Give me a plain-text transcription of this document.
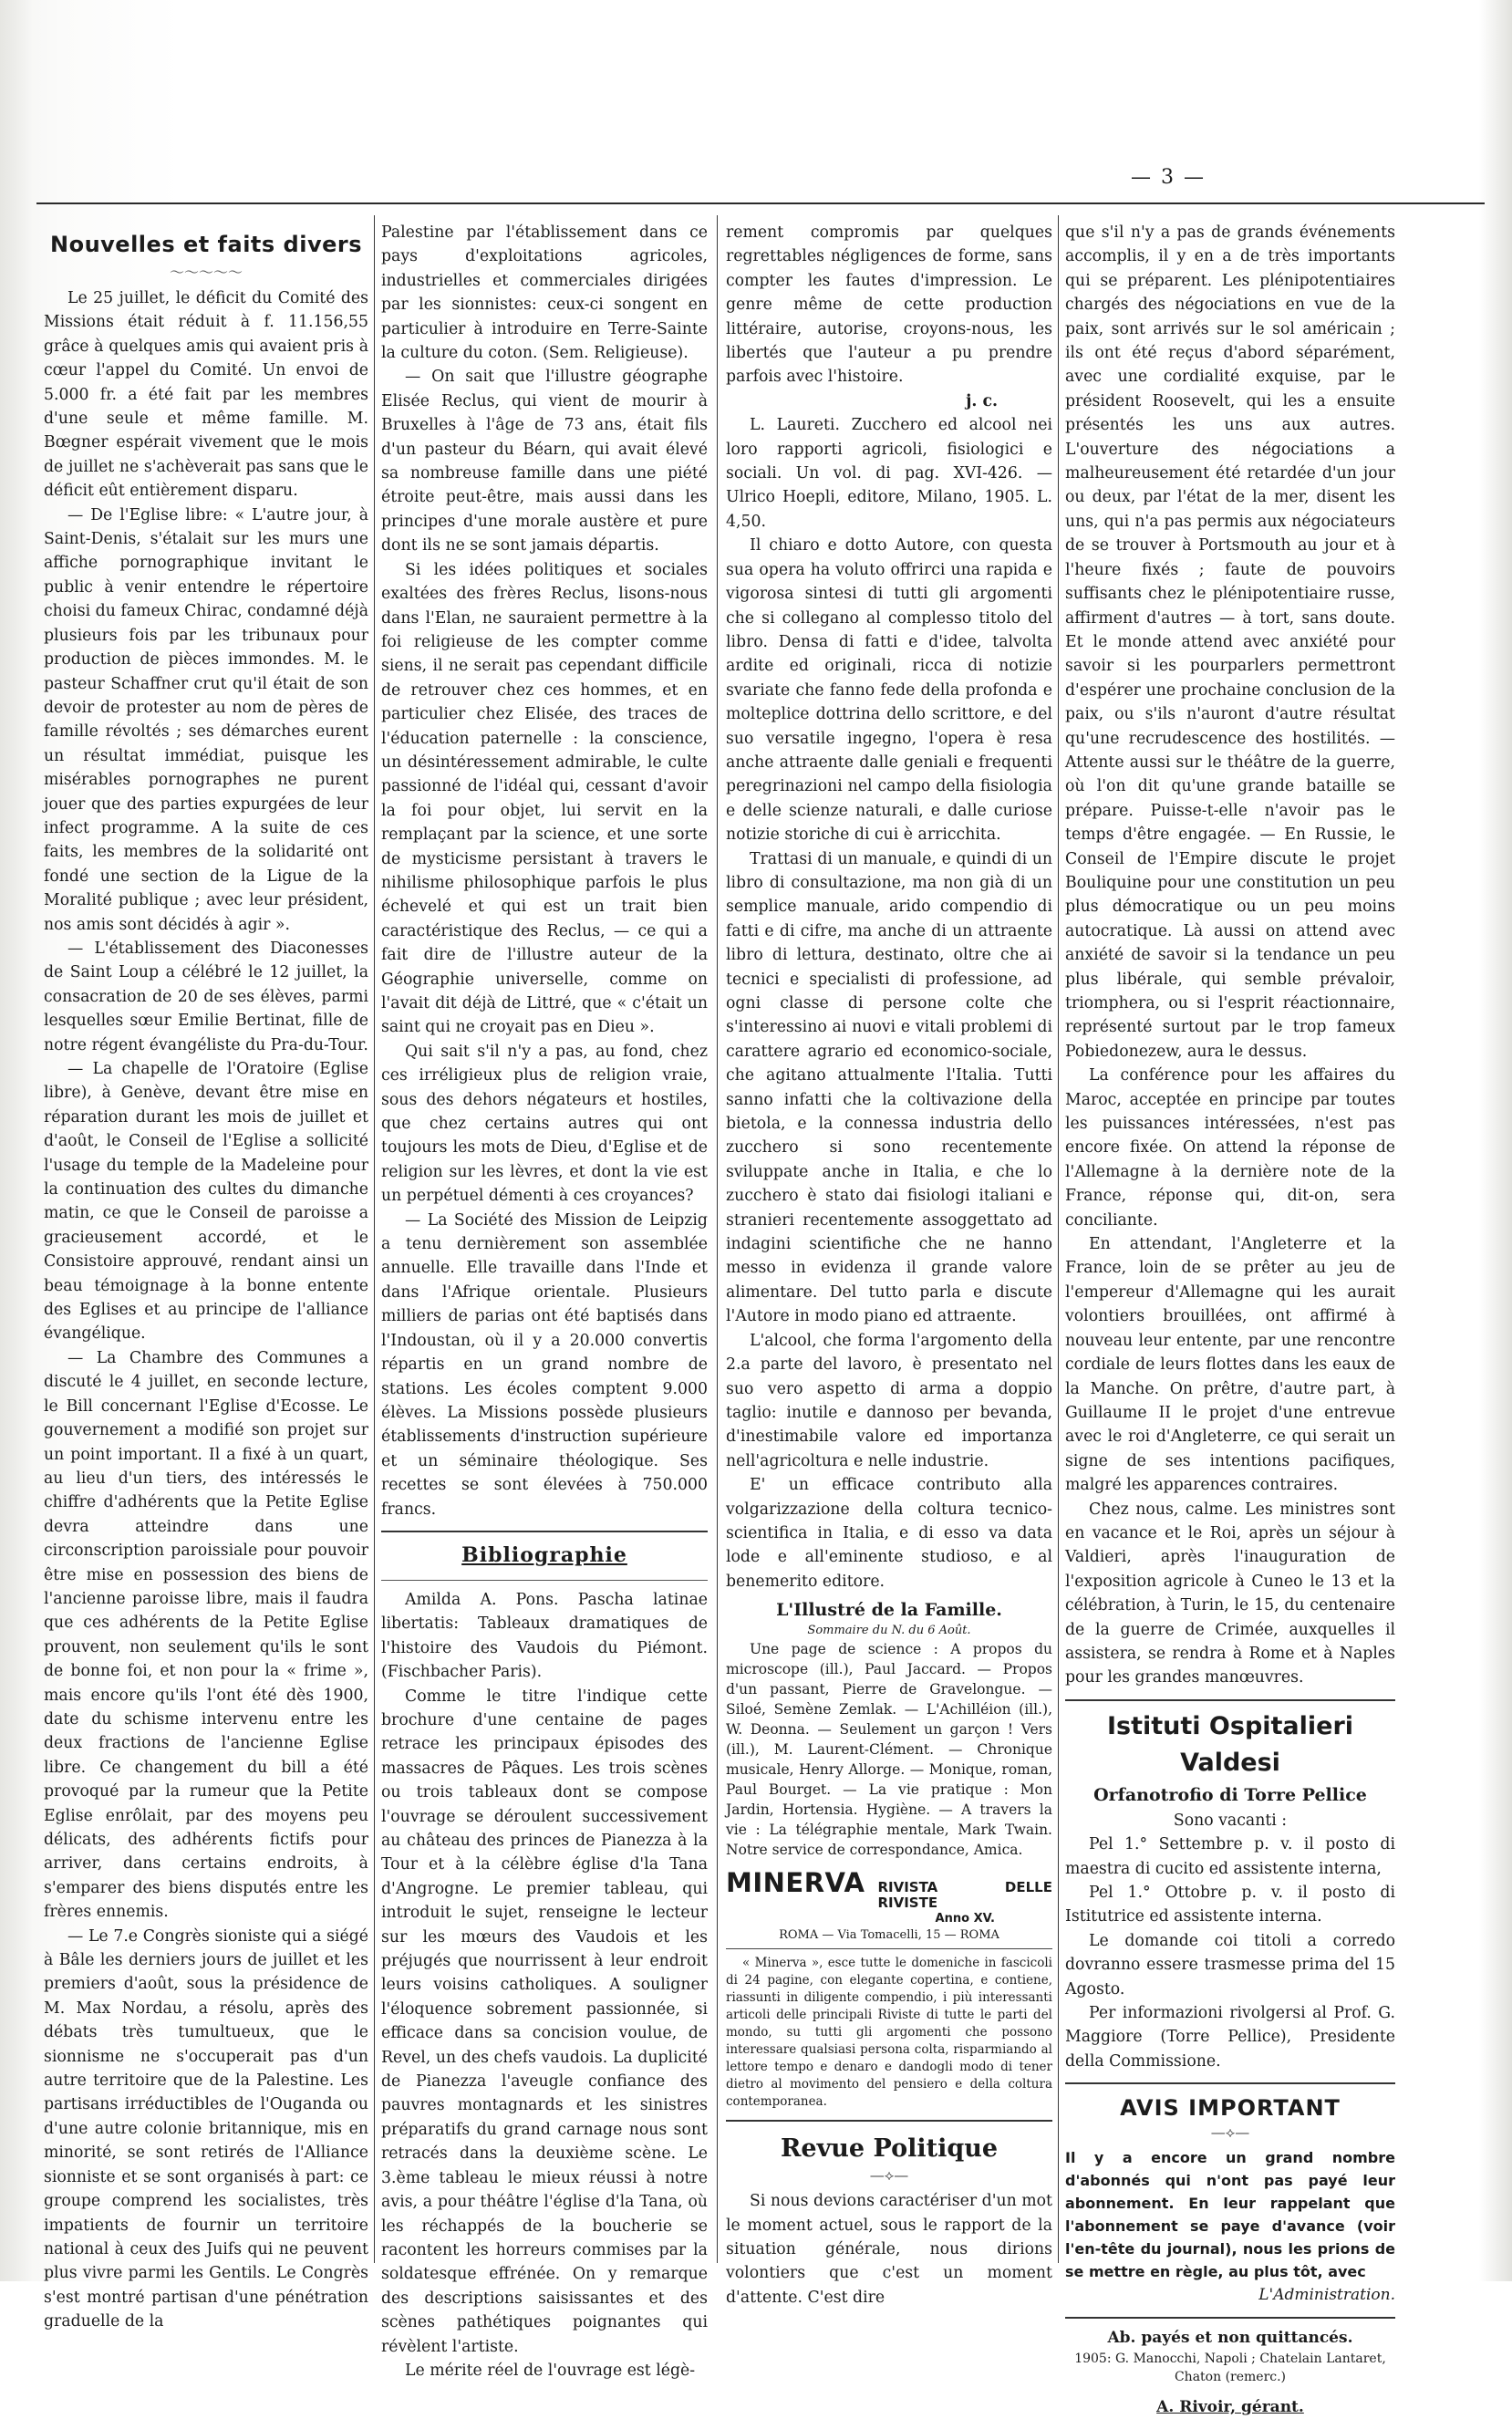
— 3 —
Nouvelles et faits divers
〜〜〜〜〜

Le 25 juillet, le déficit du Comité des Missions était réduit à f. 11.156,55 grâce à quelques amis qui avaient pris à cœur l'appel du Comité. Un envoi de 5.000 fr. a été fait par les membres d'une seule et même famille. M. Bœgner espérait vivement que le mois de juillet ne s'achèverait pas sans que le déficit eût entièrement disparu.

— De l'Eglise libre: « L'autre jour, à Saint-Denis, s'étalait sur les murs une affiche pornographique invitant le public à venir entendre le répertoire choisi du fameux Chirac, condamné déjà plusieurs fois par les tribunaux pour production de pièces immondes. M. le pasteur Schaffner crut qu'il était de son devoir de protester au nom de pères de famille révoltés ; ses démarches eurent un résultat immédiat, puisque les misérables pornographes ne purent jouer que des parties expurgées de leur infect programme. A la suite de ces faits, les membres de la solidarité ont fondé une section de la Ligue de la Moralité publique ; avec leur président, nos amis sont décidés à agir ».

— L'établissement des Diaconesses de Saint Loup a célébré le 12 juillet, la consacration de 20 de ses élèves, parmi lesquelles sœur Emilie Bertinat, fille de notre régent évangéliste du Pra-du-Tour.

— La chapelle de l'Oratoire (Eglise libre), à Genève, devant être mise en réparation durant les mois de juillet et d'août, le Conseil de l'Eglise a sollicité l'usage du temple de la Madeleine pour la continuation des cultes du dimanche matin, ce que le Conseil de paroisse a gracieusement accordé, et le Consistoire approuvé, rendant ainsi un beau témoignage à la bonne entente des Eglises et au principe de l'alliance évangélique.

— La Chambre des Communes a discuté le 4 juillet, en seconde lecture, le Bill concernant l'Eglise d'Ecosse. Le gouvernement a modifié son projet sur un point important. Il a fixé à un quart, au lieu d'un tiers, des intéressés le chiffre d'adhérents que la Petite Eglise devra atteindre dans une circonscription paroissiale pour pouvoir être mise en possession des biens de l'ancienne paroisse libre, mais il faudra que ces adhérents de la Petite Eglise prouvent, non seulement qu'ils le sont de bonne foi, et non pour la « frime », mais encore qu'ils l'ont été dès 1900, date du schisme intervenu entre les deux fractions de l'ancienne Eglise libre. Ce changement du bill a été provoqué par la rumeur que la Petite Eglise enrôlait, par des moyens peu délicats, des adhérents fictifs pour arriver, dans certains endroits, à s'emparer des biens disputés entre les frères ennemis.

— Le 7.e Congrès sioniste qui a siégé à Bâle les derniers jours de juillet et les premiers d'août, sous la présidence de M. Max Nordau, a résolu, après des débats très tumultueux, que le sionnisme ne s'occuperait pas d'un autre territoire que de la Palestine. Les partisans irréductibles de l'Ouganda ou d'une autre colonie britannique, mis en minorité, se sont retirés de l'Alliance sionniste et se sont organisés à part: ce groupe comprend les socialistes, très impatients de fournir un territoire national à ceux des Juifs qui ne peuvent plus vivre parmi les Gentils. Le Congrès s'est montré partisan d'une pénétration graduelle de la

Palestine par l'établissement dans ce pays d'exploitations agricoles, industrielles et commerciales dirigées par les sionnistes: ceux-ci songent en particulier à introduire en Terre-Sainte la culture du coton. (Sem. Religieuse).

— On sait que l'illustre géographe Elisée Reclus, qui vient de mourir à Bruxelles à l'âge de 73 ans, était fils d'un pasteur du Béarn, qui avait élevé sa nombreuse famille dans une piété étroite peut-être, mais aussi dans les principes d'une morale austère et pure dont ils ne se sont jamais départis.

Si les idées politiques et sociales exaltées des frères Reclus, lisons-nous dans l'Elan, ne sauraient permettre à la foi religieuse de les compter comme siens, il ne serait pas cependant difficile de retrouver chez ces hommes, et en particulier chez Elisée, des traces de l'éducation paternelle : la conscience, un désintéressement admirable, le culte passionné de l'idéal qui, cessant d'avoir la foi pour objet, lui servit en la remplaçant par la science, et une sorte de mysticisme persistant à travers le nihilisme philosophique parfois le plus échevelé et qui est un trait bien caractéristique des Reclus, — ce qui a fait dire de l'illustre auteur de la Géographie universelle, comme on l'avait dit déjà de Littré, que « c'était un saint qui ne croyait pas en Dieu ».

Qui sait s'il n'y a pas, au fond, chez ces irréligieux plus de religion vraie, sous des dehors négateurs et hostiles, que chez certains autres qui ont toujours les mots de Dieu, d'Eglise et de religion sur les lèvres, et dont la vie est un perpétuel démenti à ces croyances?

— La Société des Mission de Leipzig a tenu dernièrement son assemblée annuelle. Elle travaille dans l'Inde et dans l'Afrique orientale. Plusieurs milliers de parias ont été baptisés dans l'Indoustan, où il y a 20.000 convertis répartis en un grand nombre de stations. Les écoles comptent 9.000 élèves. La Missions possède plusieurs établissements d'instruction supérieure et un séminaire théologique. Ses recettes se sont élevées à 750.000 francs.

Bibliographie

Amilda A. Pons. Pascha latinae libertatis: Tableaux dramatiques de l'histoire des Vaudois du Piémont. (Fischbacher Paris).

Comme le titre l'indique cette brochure d'une centaine de pages retrace les principaux épisodes des massacres de Pâques. Les trois scènes ou trois tableaux dont se compose l'ouvrage se déroulent successivement au château des princes de Pianezza à la Tour et à la célèbre église d'la Tana d'Angrogne. Le premier tableau, qui introduit le sujet, renseigne le lecteur sur les mœurs des Vaudois et les préjugés que nourrissent à leur endroit leurs voisins catholiques. A souligner l'éloquence sobrement passionnée, si efficace dans sa concision voulue, de Revel, un des chefs vaudois. La duplicité de Pianezza l'aveugle confiance des pauvres montagnards et les sinistres préparatifs du grand carnage nous sont retracés dans la deuxième scène. Le 3.ème tableau le mieux réussi à notre avis, a pour théâtre l'église d'la Tana, où les réchappés de la boucherie se racontent les horreurs commises par la soldatesque effrénée. On y remarque des descriptions saisissantes et des scènes pathétiques poignantes qui révèlent l'artiste.

Le mérite réel de l'ouvrage est légè-

rement compromis par quelques regrettables négligences de forme, sans compter les fautes d'impression. Le genre même de cette production littéraire, autorise, croyons-nous, les libertés que l'auteur a pu prendre parfois avec l'histoire.

j. c.

L. Laureti. Zucchero ed alcool nei loro rapporti agricoli, fisiologici e sociali. Un vol. di pag. XVI-426. — Ulrico Hoepli, editore, Milano, 1905. L. 4,50.

Il chiaro e dotto Autore, con questa sua opera ha voluto offrirci una rapida e vigorosa sintesi di tutti gli argomenti che si collegano al complesso titolo del libro. Densa di fatti e d'idee, talvolta ardite ed originali, ricca di notizie svariate che fanno fede della profonda e molteplice dottrina dello scrittore, e del suo versatile ingegno, l'opera è resa anche attraente dalle geniali e frequenti peregrinazioni nel campo della fisiologia e delle scienze naturali, e dalle curiose notizie storiche di cui è arricchita.

Trattasi di un manuale, e quindi di un libro di consultazione, ma non già di un semplice manuale, arido compendio di fatti e di cifre, ma anche di un attraente libro di lettura, destinato, oltre che ai tecnici e specialisti di professione, ad ogni classe di persone colte che s'interessino ai nuovi e vitali problemi di carattere agrario ed economico-sociale, che agitano attualmente l'Italia. Tutti sanno infatti che la coltivazione della bietola, e la connessa industria dello zucchero si sono recentemente sviluppate anche in Italia, e che lo zucchero è stato dai fisiologi italiani e stranieri recentemente assoggettato ad indagini scientifiche che ne hanno messo in evidenza il grande valore alimentare. Del tutto parla e discute l'Autore in modo piano ed attraente.

L'alcool, che forma l'argomento della 2.a parte del lavoro, è presentato nel suo vero aspetto di arma a doppio taglio: inutile e dannoso per bevanda, d'inestimabile valore ed importanza nell'agricoltura e nelle industrie.

E' un efficace contributo alla volgarizzazione della coltura tecnico-scientifica in Italia, e di esso va data lode e all'eminente studioso, e al benemerito editore.

L'Illustré de la Famille.
Sommaire du N. du 6 Août.

Une page de science : A propos du microscope (ill.), Paul Jaccard. — Propos d'un passant, Pierre de Gravelongue. — Siloé, Semène Zemlak. — L'Achilléion (ill.), W. Deonna. — Seulement un garçon ! Vers (ill.), M. Laurent-Clément. — Chronique musicale, Henry Allorge. — Monique, roman, Paul Bourget. — La vie pratique : Mon Jardin, Hortensia. Hygiène. — A travers la vie : La télégraphie mentale, Mark Twain. Notre service de correspondance, Amica.

MINERVA RIVISTA DELLE RIVISTE
Anno XV.
ROMA — Via Tomacelli, 15 — ROMA
« Minerva », esce tutte le domeniche in fascicoli di 24 pagine, con elegante copertina, e contiene, riassunti in diligente compendio, i più interessanti articoli delle principali Riviste di tutte le parti del mondo, su tutti gli argomenti che possono interessare qualsiasi persona colta, risparmiando al lettore tempo e denaro e dandogli modo di tener dietro al movimento del pensiero e della coltura contemporanea.
Revue Politique
—⟡—

Si nous devions caractériser d'un mot le moment actuel, sous le rapport de la situation générale, nous dirions volontiers que c'est un moment d'attente. C'est dire

que s'il n'y a pas de grands événements accomplis, il y en a de très importants qui se préparent. Les plénipotentiaires chargés des négociations en vue de la paix, sont arrivés sur le sol américain ; ils ont été reçus d'abord séparément, avec une cordialité exquise, par le président Roosevelt, qui les a ensuite présentés les uns aux autres. L'ouverture des négociations a malheureusement été retardée d'un jour ou deux, par l'état de la mer, disent les uns, qui n'a pas permis aux négociateurs de se trouver à Portsmouth au jour et à l'heure fixés ; faute de pouvoirs suffisants chez le plénipotentiaire russe, affirment d'autres — à tort, sans doute. Et le monde attend avec anxiété pour savoir si les pourparlers permettront d'espérer une prochaine conclusion de la paix, ou s'ils n'auront d'autre résultat qu'une recrudescence des hostilités. — Attente aussi sur le théâtre de la guerre, où l'on dit qu'une grande bataille se prépare. Puisse-t-elle n'avoir pas le temps d'être engagée. — En Russie, le Conseil de l'Empire discute le projet Bouliquine pour une constitution un peu plus démocratique ou un peu moins autocratique. Là aussi on attend avec anxiété de savoir si la tendance un peu plus libérale, qui semble prévaloir, triomphera, ou si l'esprit réactionnaire, représenté surtout par le trop fameux Pobiedonezew, aura le dessus.

La conférence pour les affaires du Maroc, acceptée en principe par toutes les puissances intéressées, n'est pas encore fixée. On attend la réponse de l'Allemagne à la dernière note de la France, réponse qui, dit-on, sera conciliante.

En attendant, l'Angleterre et la France, loin de se prêter au jeu de l'empereur d'Allemagne qui les aurait volontiers brouillées, ont affirmé à nouveau leur entente, par une rencontre cordiale de leurs flottes dans les eaux de la Manche. On prêtre, d'autre part, à Guillaume II le projet d'une entrevue avec le roi d'Angleterre, ce qui serait un signe de ses intentions pacifiques, malgré les apparences contraires.

Chez nous, calme. Les ministres sont en vacance et le Roi, après un séjour à Valdieri, après l'inauguration de l'exposition agricole à Cuneo le 13 et la célébration, à Turin, le 15, du centenaire de la guerre de Crimée, auxquelles il assistera, se rendra à Rome et à Naples pour les grandes manœuvres.

Istituti Ospitalieri Valdesi
Orfanotrofio di Torre Pellice
Sono vacanti :

Pel 1.° Settembre p. v. il posto di maestra di cucito ed assistente interna,

Pel 1.° Ottobre p. v. il posto di Istitutrice ed assistente interna.

Le domande coi titoli a corredo dovranno essere trasmesse prima del 15 Agosto.

Per informazioni rivolgersi al Prof. G. Maggiore (Torre Pellice), Presidente della Commissione.

AVIS IMPORTANT
—⟡—
Il y a encore un grand nombre d'abonnés qui n'ont pas payé leur abonnement. En leur rappelant que l'abonnement se paye d'avance (voir l'en-tête du journal), nous les prions de se mettre en règle, au plus tôt, avec
L'Administration.
Ab. payés et non quittancés.
1905: G. Manocchi, Napoli ; Chatelain Lantaret, Chaton (remerc.)
A. Rivoir, gérant.
